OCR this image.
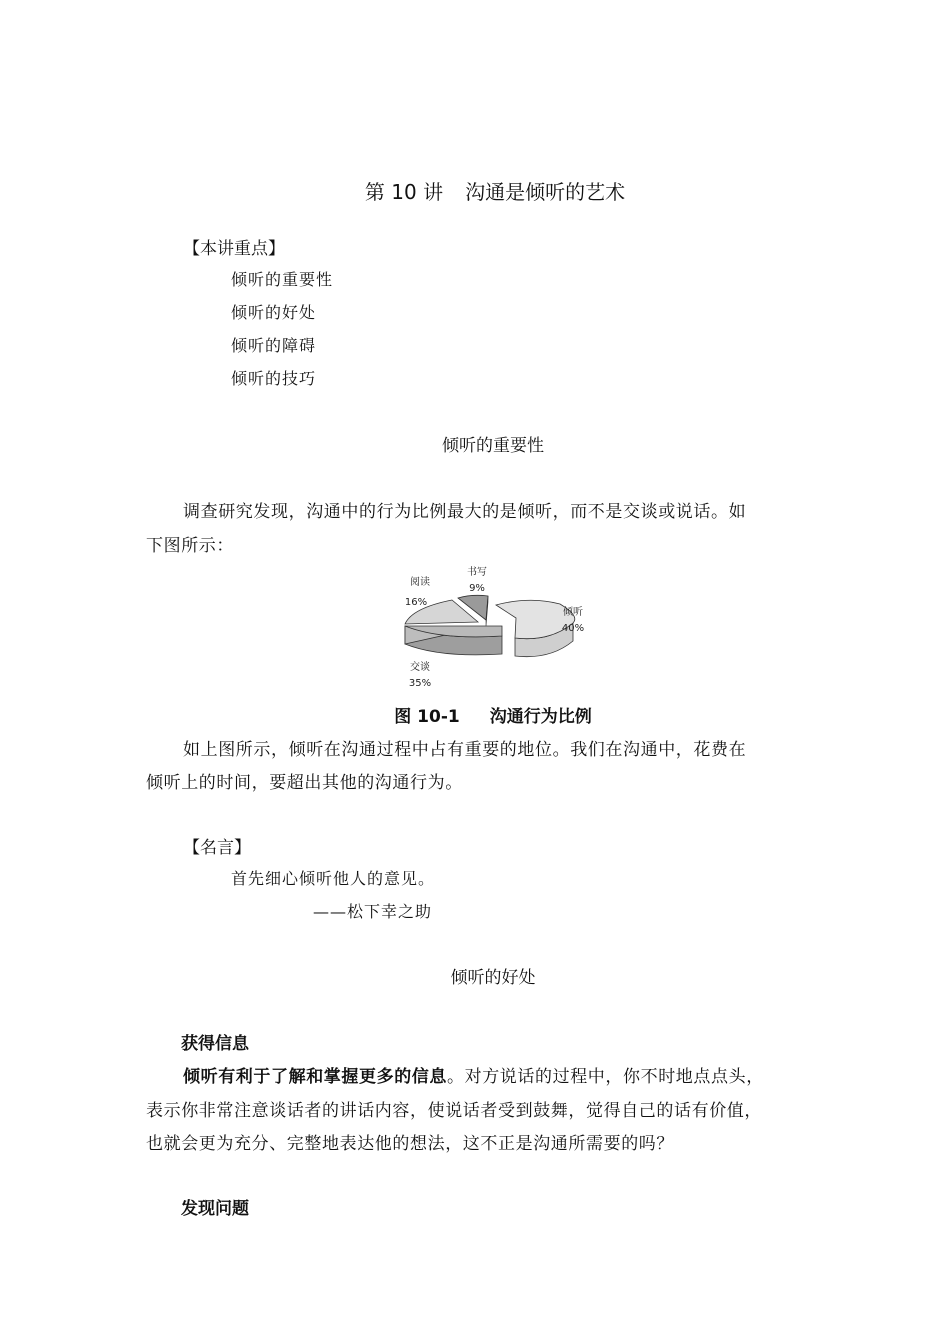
第 10 讲 沟通是倾听的艺术
【本讲重点】
倾听的重要性
倾听的好处
倾听的障碍
倾听的技巧
倾听的重要性
调查研究发现，沟通中的行为比例最大的是倾听，而不是交谈或说话。如
下图所示：
阅读
16%
书写
9%
倾听
40%
交谈
35%
图 10-1 沟通行为比例
如上图所示，倾听在沟通过程中占有重要的地位。我们在沟通中，花费在
倾听上的时间，要超出其他的沟通行为。
【名言】
首先细心倾听他人的意见。
——松下幸之助
倾听的好处
获得信息
倾听有利于了解和掌握更多的信息。对方说话的过程中，你不时地点点头，
表示你非常注意谈话者的讲话内容，使说话者受到鼓舞，觉得自己的话有价值，
也就会更为充分、完整地表达他的想法，这不正是沟通所需要的吗？
发现问题
